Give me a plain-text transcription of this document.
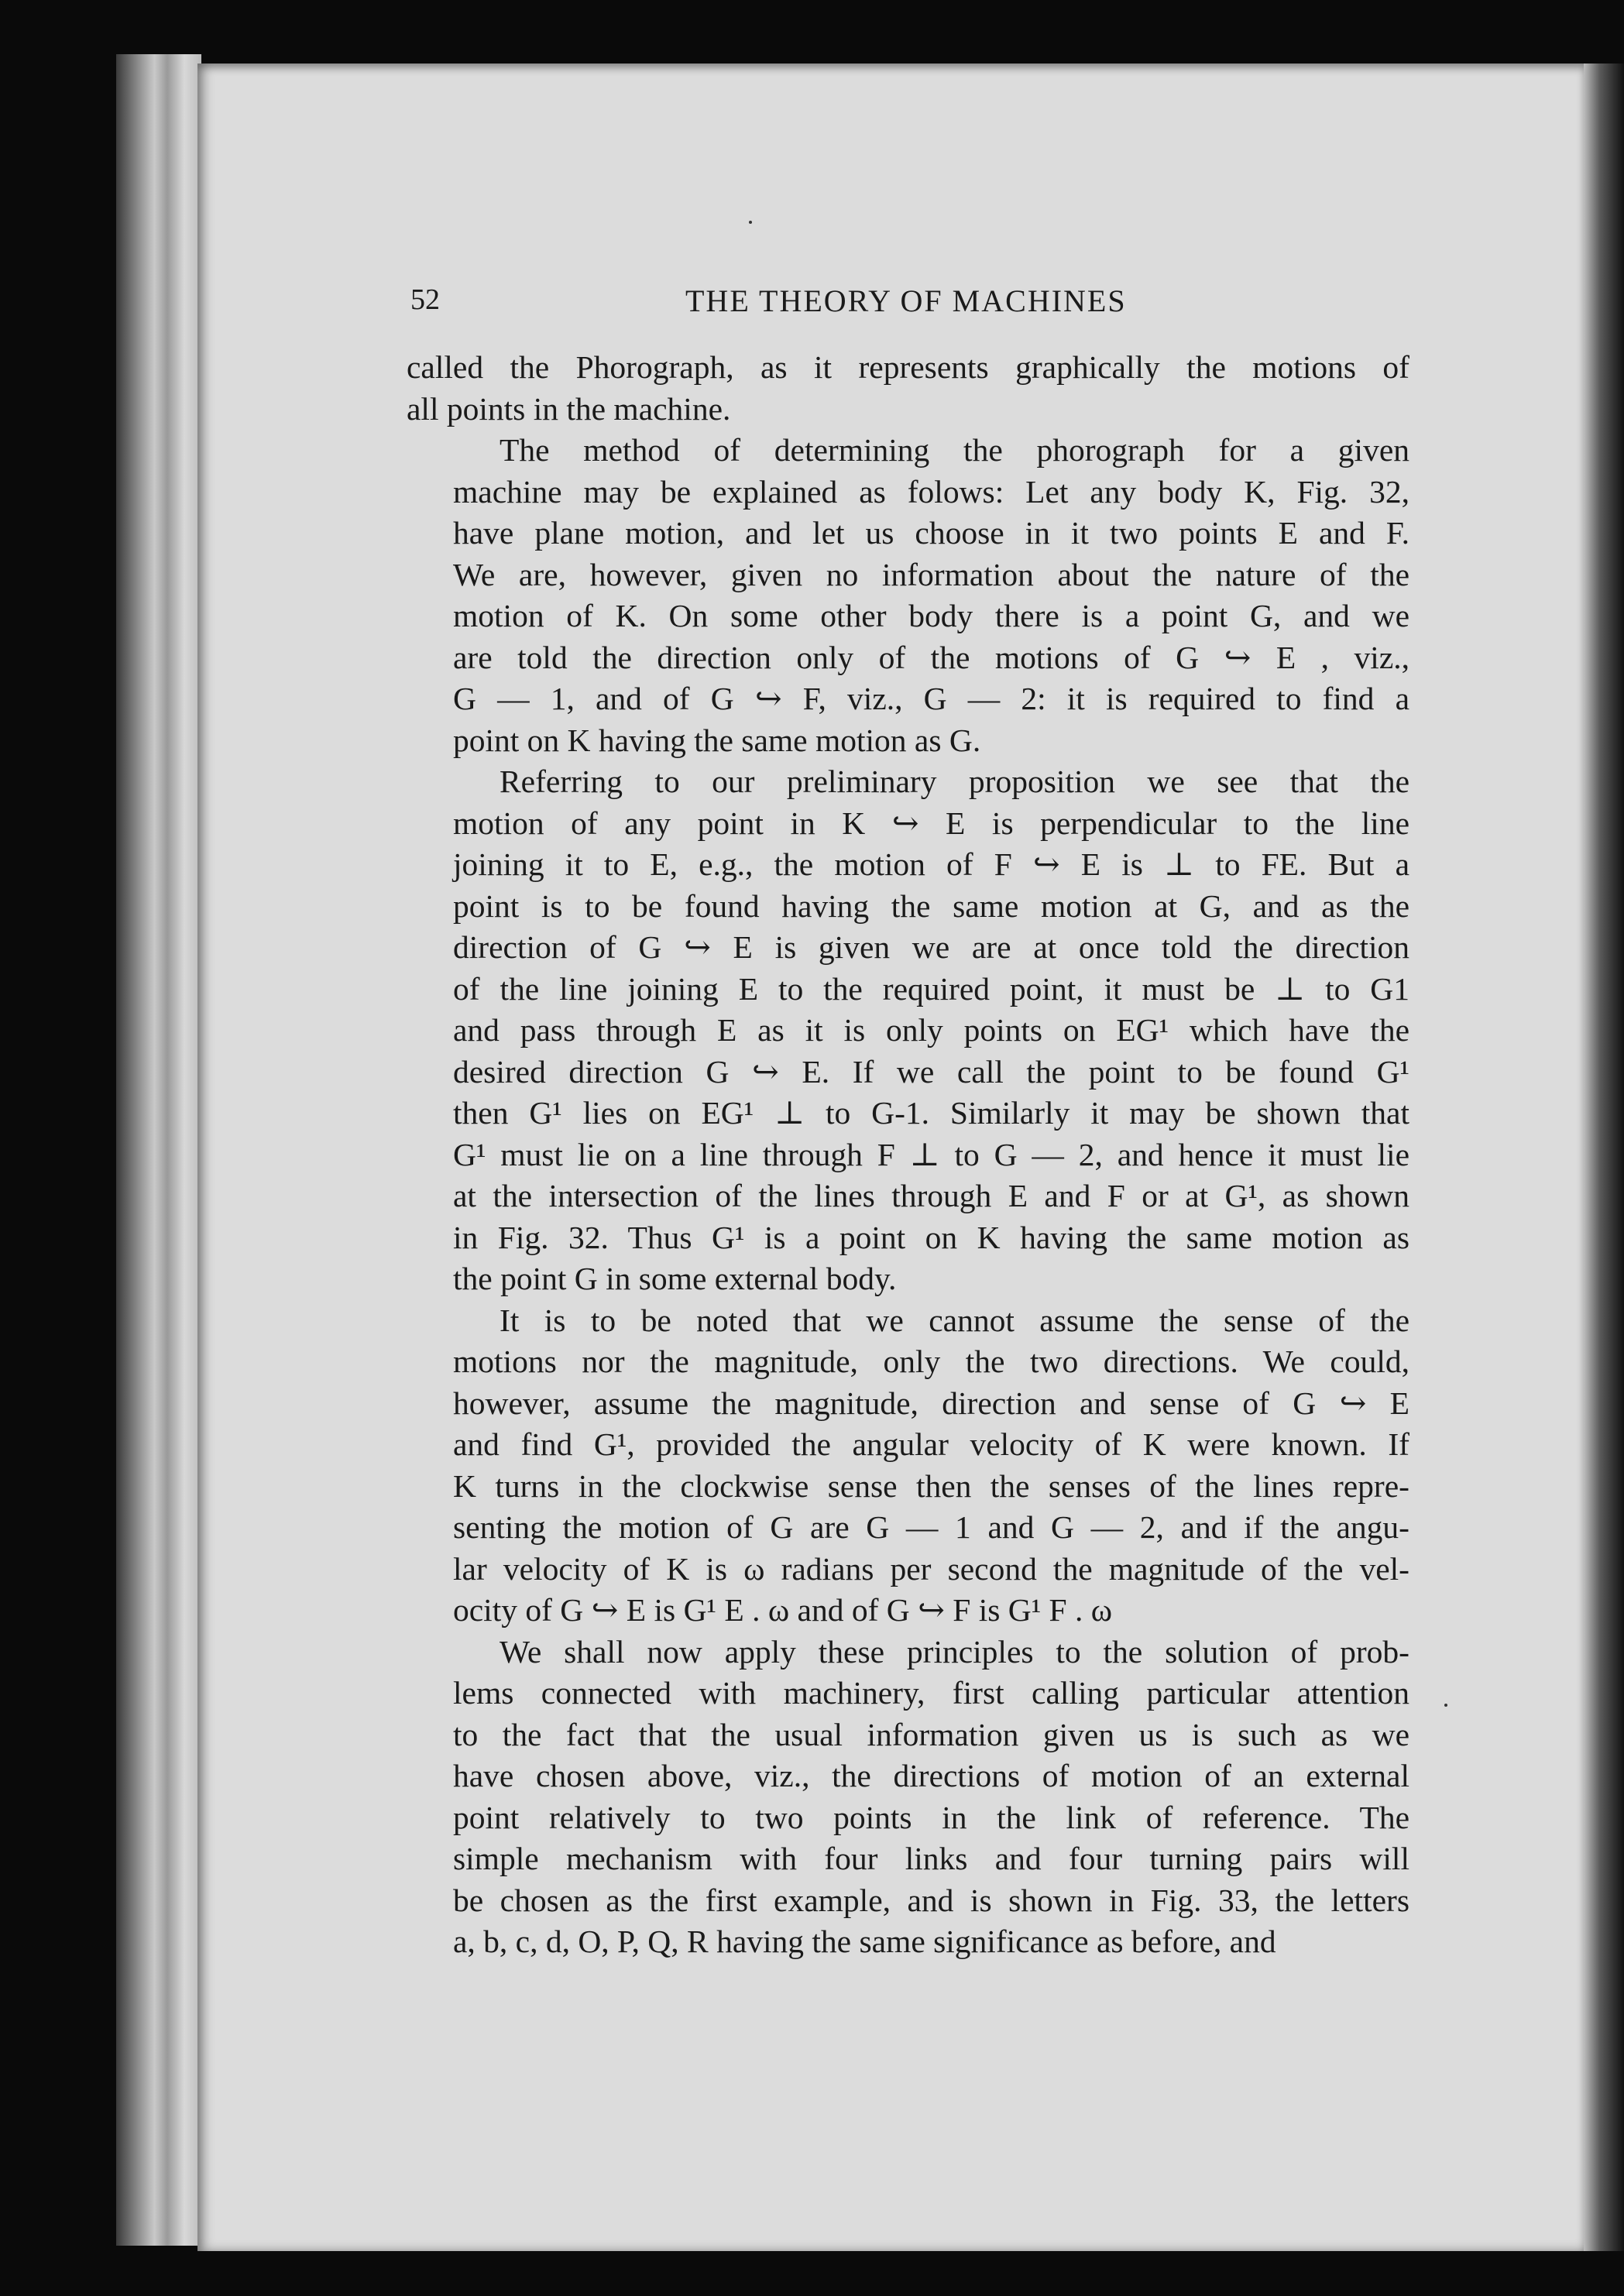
52	THE THEORY OF MACHINES

called the Phorograph, as it represents graphically the motions of
all points in the machine.

The method of determining the phorograph for a given
machine may be explained as folows: Let any body K, Fig. 32,
have plane motion, and let us choose in it two points E and F.
We are, however, given no information about the nature of the
motion of K. On some other body there is a point G, and we
are told the direction only of the motions of G ↪ E , viz.,
G — 1, and of G ↪ F, viz., G — 2: it is required to find a
point on K having the same motion as G.

Referring to our preliminary proposition we see that the
motion of any point in K ↪ E is perpendicular to the line
joining it to E, e.g., the motion of F ↪ E is ⊥ to FE. But a
point is to be found having the same motion at G, and as the
direction of G ↪ E is given we are at once told the direction
of the line joining E to the required point, it must be ⊥ to G1
and pass through E as it is only points on EG¹ which have the
desired direction G ↪ E. If we call the point to be found G¹
then G¹ lies on EG¹ ⊥ to G-1. Similarly it may be shown that
G¹ must lie on a line through F ⊥ to G — 2, and hence it must lie
at the intersection of the lines through E and F or at G¹, as shown
in Fig. 32. Thus G¹ is a point on K having the same motion as
the point G in some external body.

It is to be noted that we cannot assume the sense of the
motions nor the magnitude, only the two directions. We could,
however, assume the magnitude, direction and sense of G ↪ E
and find G¹, provided the angular velocity of K were known. If
K turns in the clockwise sense then the senses of the lines repre-
senting the motion of G are G — 1 and G — 2, and if the angu-
lar velocity of K is ω radians per second the magnitude of the vel-
ocity of G ↪ E is G¹ E . ω and of G ↪ F is G¹ F . ω

We shall now apply these principles to the solution of prob-
lems connected with machinery, first calling particular attention
to the fact that the usual information given us is such as we
have chosen above, viz., the directions of motion of an external
point relatively to two points in the link of reference. The
simple mechanism with four links and four turning pairs will
be chosen as the first example, and is shown in Fig. 33, the letters
a, b, c, d, O, P, Q, R having the same significance as before, and
